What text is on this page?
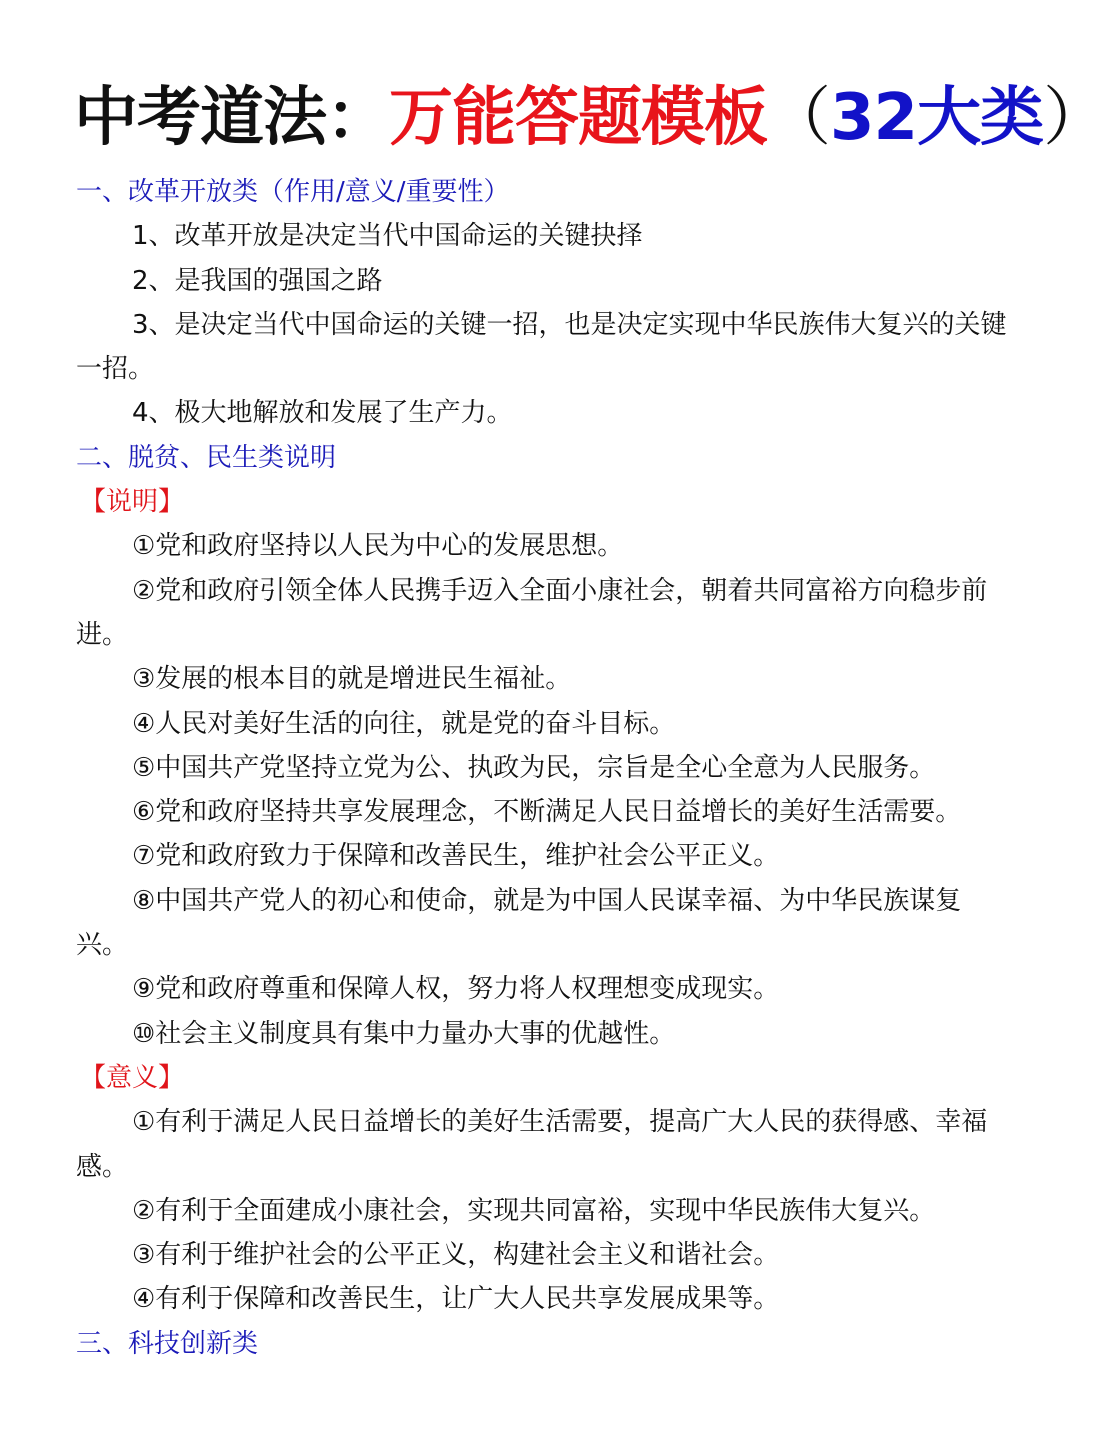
中考道法：万能答题模板（32大类）
一、改革开放类（作用/意义/重要性）
1、改革开放是决定当代中国命运的关键抉择
2、是我国的强国之路
3、是决定当代中国命运的关键一招，也是决定实现中华民族伟大复兴的关键一招。
4、极大地解放和发展了生产力。
二、脱贫、民生类说明
【说明】
①党和政府坚持以人民为中心的发展思想。
②党和政府引领全体人民携手迈入全面小康社会，朝着共同富裕方向稳步前进。
③发展的根本目的就是增进民生福祉。
④人民对美好生活的向往，就是党的奋斗目标。
⑤中国共产党坚持立党为公、执政为民，宗旨是全心全意为人民服务。
⑥党和政府坚持共享发展理念，不断满足人民日益增长的美好生活需要。
⑦党和政府致力于保障和改善民生，维护社会公平正义。
⑧中国共产党人的初心和使命，就是为中国人民谋幸福、为中华民族谋复兴。
⑨党和政府尊重和保障人权，努力将人权理想变成现实。
⑩社会主义制度具有集中力量办大事的优越性。
【意义】
①有利于满足人民日益增长的美好生活需要，提高广大人民的获得感、幸福感。
②有利于全面建成小康社会，实现共同富裕，实现中华民族伟大复兴。
③有利于维护社会的公平正义，构建社会主义和谐社会。
④有利于保障和改善民生，让广大人民共享发展成果等。
三、科技创新类
